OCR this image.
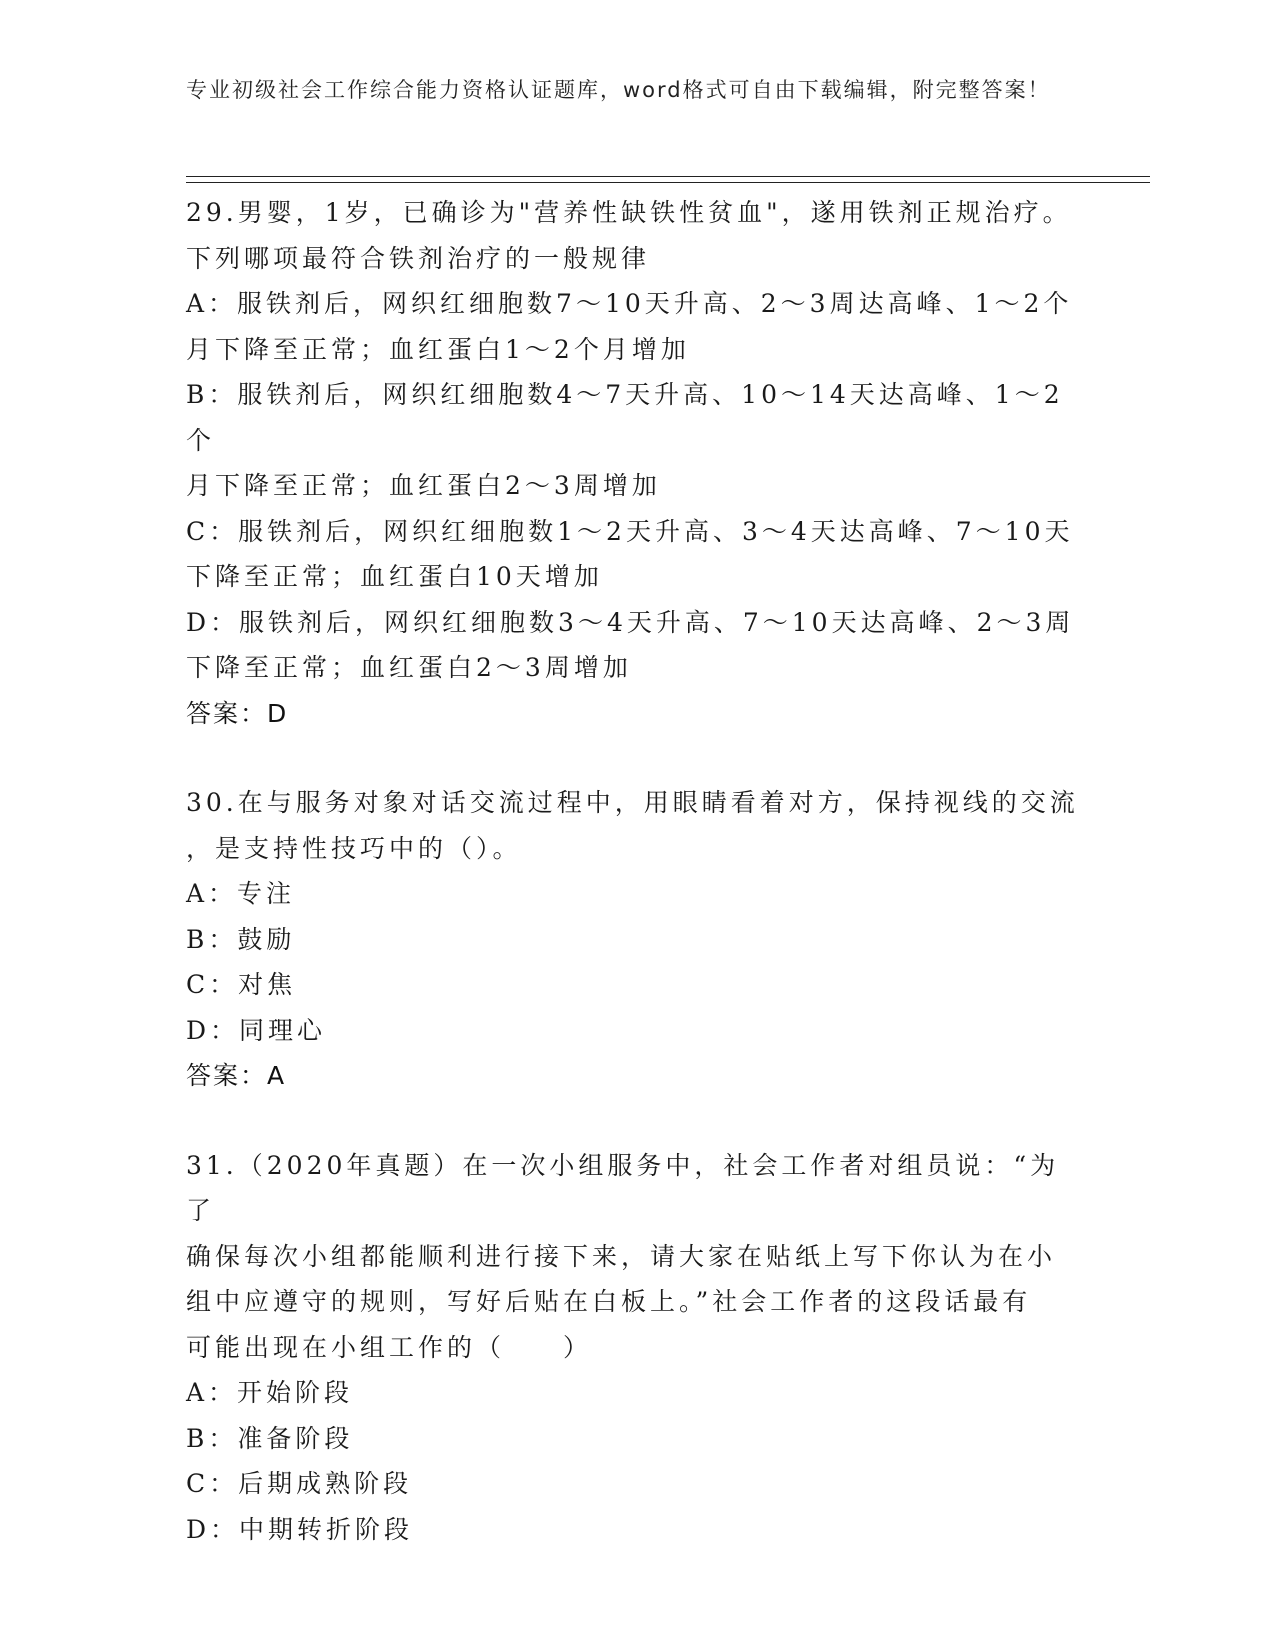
专业初级社会工作综合能力资格认证题库，word格式可自由下载编辑，附完整答案！
29.男婴，1岁，已确诊为"营养性缺铁性贫血"，遂用铁剂正规治疗。
下列哪项最符合铁剂治疗的一般规律
A：服铁剂后，网织红细胞数7～10天升高、2～3周达高峰、1～2个
月下降至正常；血红蛋白1～2个月增加
B：服铁剂后，网织红细胞数4～7天升高、10～14天达高峰、1～2个
月下降至正常；血红蛋白2～3周增加
C：服铁剂后，网织红细胞数1～2天升高、3～4天达高峰、7～10天
下降至正常；血红蛋白10天增加
D：服铁剂后，网织红细胞数3～4天升高、7～10天达高峰、2～3周
下降至正常；血红蛋白2～3周增加
答案：D
30.在与服务对象对话交流过程中，用眼睛看着对方，保持视线的交流
，是支持性技巧中的（）。
A：专注
B：鼓励
C：对焦
D：同理心
答案：A
31.（2020年真题）在一次小组服务中，社会工作者对组员说：“为了
确保每次小组都能顺利进行接下来，请大家在贴纸上写下你认为在小
组中应遵守的规则，写好后贴在白板上。”社会工作者的这段话最有
可能出现在小组工作的（　　）
A：开始阶段
B：准备阶段
C：后期成熟阶段
D：中期转折阶段
